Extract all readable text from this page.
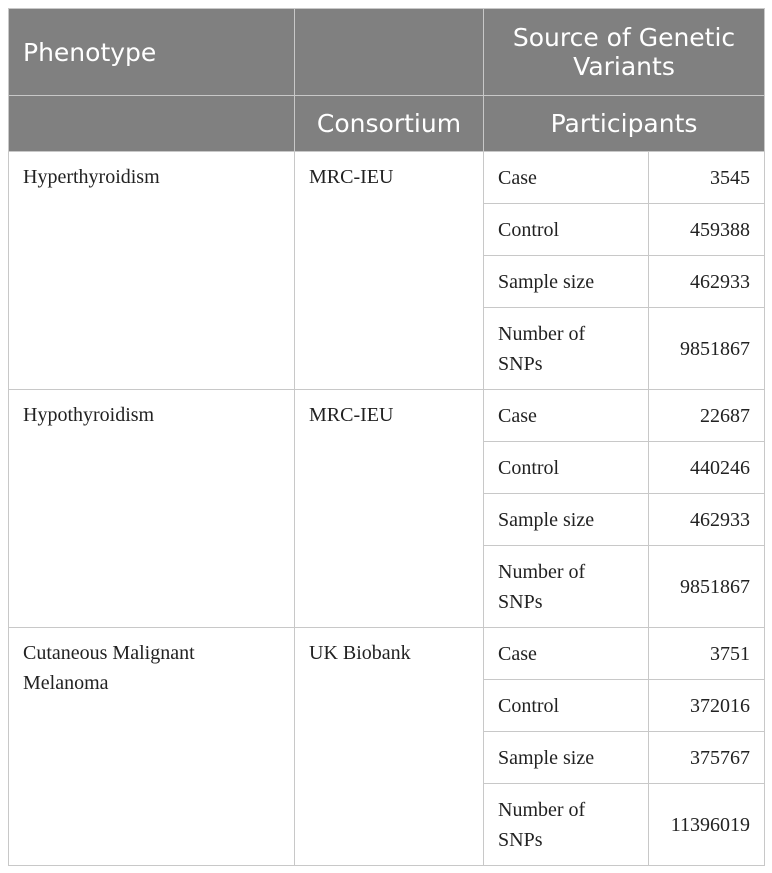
Phenotype		Source of Genetic Variants	
	Consortium	Participants	
Hyperthyroidism	MRC-IEU	Case	3545
		Control	459388
		Sample size	462933
		Number of SNPs	9851867
Hypothyroidism	MRC-IEU	Case	22687
		Control	440246
		Sample size	462933
		Number of SNPs	9851867
Cutaneous Malignant Melanoma	UK Biobank	Case	3751
		Control	372016
		Sample size	375767
		Number of SNPs	11396019
